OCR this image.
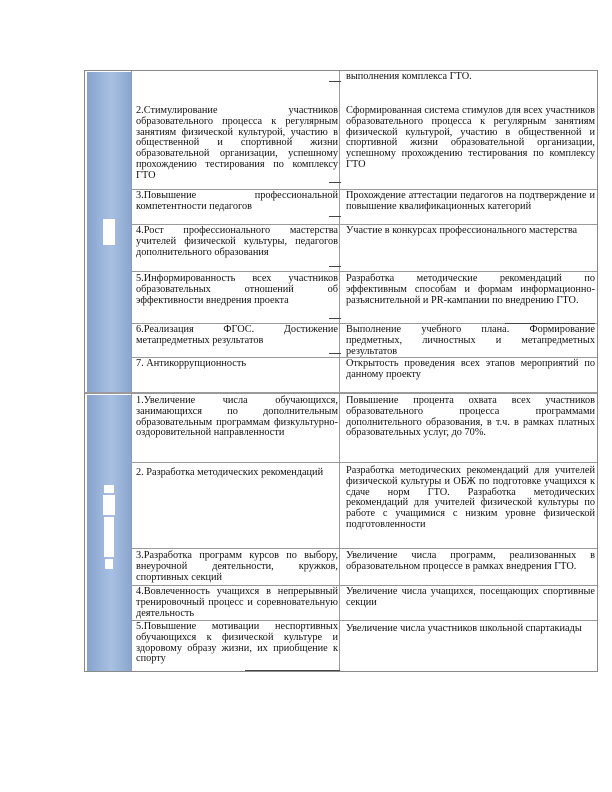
выполнения комплекса ГТО.
2.Стимулирование участников образовательного процесса к регулярным занятиям физической культурой, участию в общественной и спортивной жизни образовательной организации, успешному прохождению тестирования по комплексу ГТО
Сформированная система стимулов для всех участников образовательного процесса к регулярным занятиям физической культурой, участию в общественной и спортивной жизни образовательной организации, успешному прохождению тестирования по комплексу ГТО
3.Повышение профессиональной компетентности педагогов
Прохождение аттестации педагогов на подтверждение и повышение квалификационных категорий
4.Рост профессионального мастерства учителей физической культуры, педагогов дополнительного образования
Участие в конкурсах профессионального мастерства
5.Информированность всех участников образовательных отношений об эффективности внедрения проекта
Разработка методические рекомендаций по эффективным способам и формам информационно-разъяснительной и PR-кампании по внедрению ГТО.
6.Реализация ФГОС. Достижение метапредметных результатов
Выполнение учебного плана. Формирование предметных, личностных и метапредметных результатов
7. Антикоррупционность	Открытость проведения всех этапов мероприятий по данному проекту
1.Увеличение числа обучающихся, занимающихся по дополнительным образовательным программам физкультурно-оздоровительной направленности
Повышение процента охвата всех участников образовательного процесса программами дополнительного образования, в т.ч. в рамках платных образовательных услуг, до 70%.
2. Разработка методических рекомендаций	Разработка методических рекомендаций для учителей физической культуры и ОБЖ по подготовке учащихся к сдаче норм ГТО. Разработка методических рекомендаций для учителей физической культуры по работе с учащимися с низким уровне физической подготовленности
3.Разработка программ курсов по выбору, внеурочной деятельности, кружков, спортивных секций
Увеличение числа программ, реализованных в образовательном процессе в рамках внедрения ГТО.
4.Вовлеченность учащихся в непрерывный тренировочный процесс и соревновательную деятельность
Увеличение числа учащихся, посещающих спортивные секции
5.Повышение мотивации неспортивных обучающихся к физической культуре и здоровому образу жизни, их приобщение к спорту
Увеличение числа участников школьной спартакиады
